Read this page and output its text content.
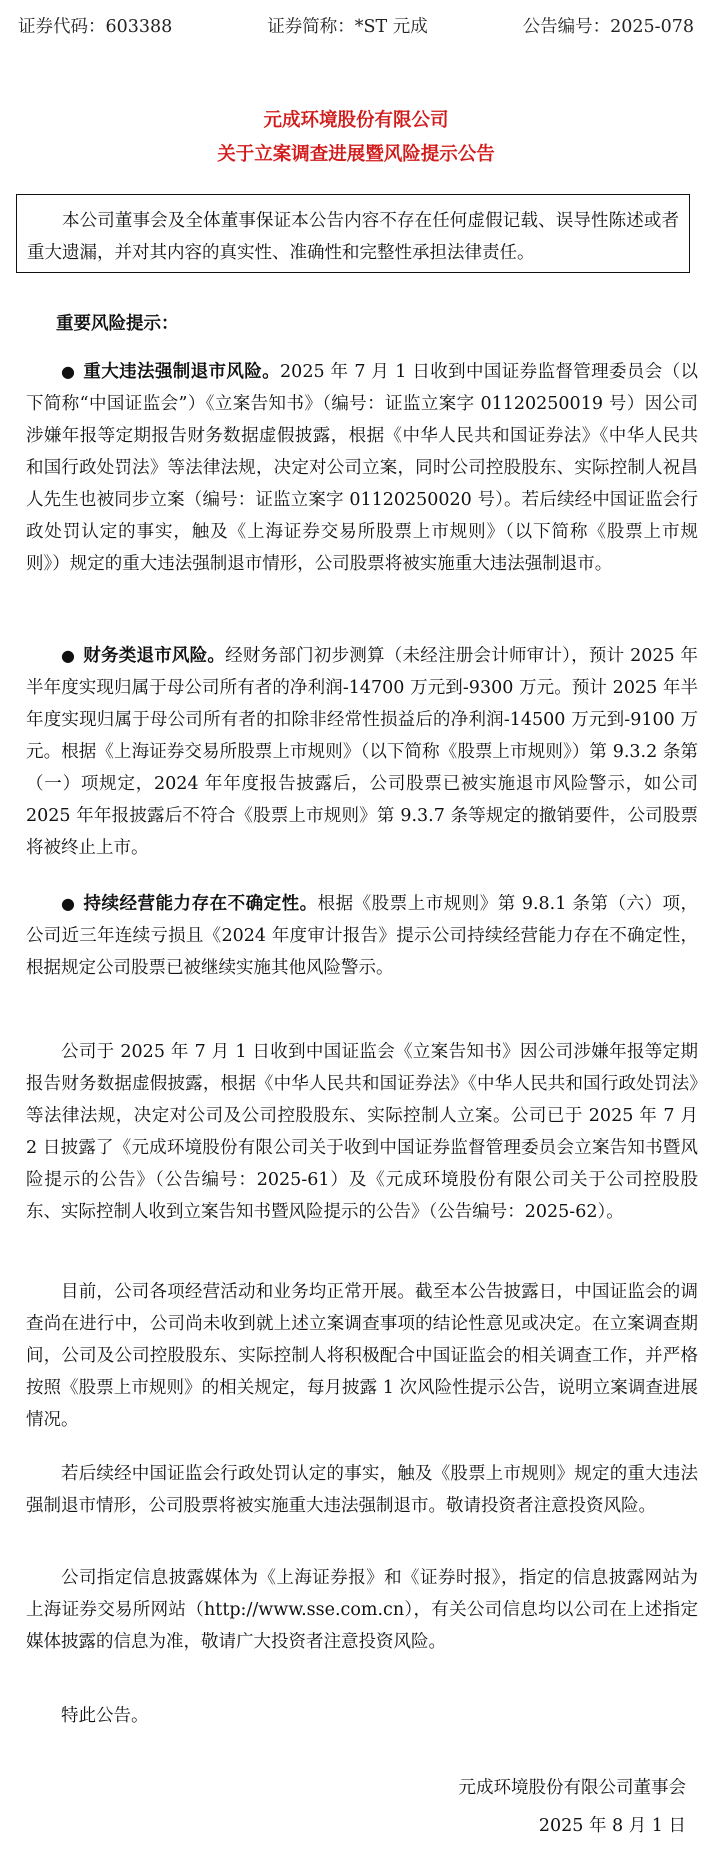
证券代码：603388	证券简称：*ST 元成	公告编号：2025-078
元成环境股份有限公司
关于立案调查进展暨风险提示公告
本公司董事会及全体董事保证本公告内容不存在任何虚假记载、误导性陈述或者重大遗漏，并对其内容的真实性、准确性和完整性承担法律责任。
重要风险提示：
● 重大违法强制退市风险。2025 年 7 月 1 日收到中国证券监督管理委员会（以下简称“中国证监会”）《立案告知书》（编号：证监立案字 01120250019 号）因公司涉嫌年报等定期报告财务数据虚假披露，根据《中华人民共和国证券法》《中华人民共和国行政处罚法》等法律法规，决定对公司立案，同时公司控股股东、实际控制人祝昌人先生也被同步立案（编号：证监立案字 01120250020 号）。若后续经中国证监会行政处罚认定的事实，触及《上海证券交易所股票上市规则》（以下简称《股票上市规则》）规定的重大违法强制退市情形，公司股票将被实施重大违法强制退市。
● 财务类退市风险。经财务部门初步测算（未经注册会计师审计），预计 2025 年半年度实现归属于母公司所有者的净利润-14700 万元到-9300 万元。预计 2025 年半年度实现归属于母公司所有者的扣除非经常性损益后的净利润-14500 万元到-9100 万元。根据《上海证券交易所股票上市规则》（以下简称《股票上市规则》）第 9.3.2 条第（一）项规定，2024 年年度报告披露后，公司股票已被实施退市风险警示，如公司 2025 年年报披露后不符合《股票上市规则》第 9.3.7 条等规定的撤销要件，公司股票将被终止上市。
● 持续经营能力存在不确定性。根据《股票上市规则》第 9.8.1 条第（六）项，公司近三年连续亏损且《2024 年度审计报告》提示公司持续经营能力存在不确定性，根据规定公司股票已被继续实施其他风险警示。
公司于 2025 年 7 月 1 日收到中国证监会《立案告知书》因公司涉嫌年报等定期报告财务数据虚假披露，根据《中华人民共和国证券法》《中华人民共和国行政处罚法》等法律法规，决定对公司及公司控股股东、实际控制人立案。公司已于 2025 年 7 月 2 日披露了《元成环境股份有限公司关于收到中国证券监督管理委员会立案告知书暨风险提示的公告》（公告编号：2025-61）及《元成环境股份有限公司关于公司控股股东、实际控制人收到立案告知书暨风险提示的公告》（公告编号：2025-62）。
目前，公司各项经营活动和业务均正常开展。截至本公告披露日，中国证监会的调查尚在进行中，公司尚未收到就上述立案调查事项的结论性意见或决定。在立案调查期间，公司及公司控股股东、实际控制人将积极配合中国证监会的相关调查工作，并严格按照《股票上市规则》的相关规定，每月披露 1 次风险性提示公告，说明立案调查进展情况。
若后续经中国证监会行政处罚认定的事实，触及《股票上市规则》规定的重大违法强制退市情形，公司股票将被实施重大违法强制退市。敬请投资者注意投资风险。
公司指定信息披露媒体为《上海证券报》和《证券时报》，指定的信息披露网站为上海证券交易所网站（http://www.sse.com.cn），有关公司信息均以公司在上述指定媒体披露的信息为准，敬请广大投资者注意投资风险。
特此公告。
元成环境股份有限公司董事会
2025 年 8 月 1 日
